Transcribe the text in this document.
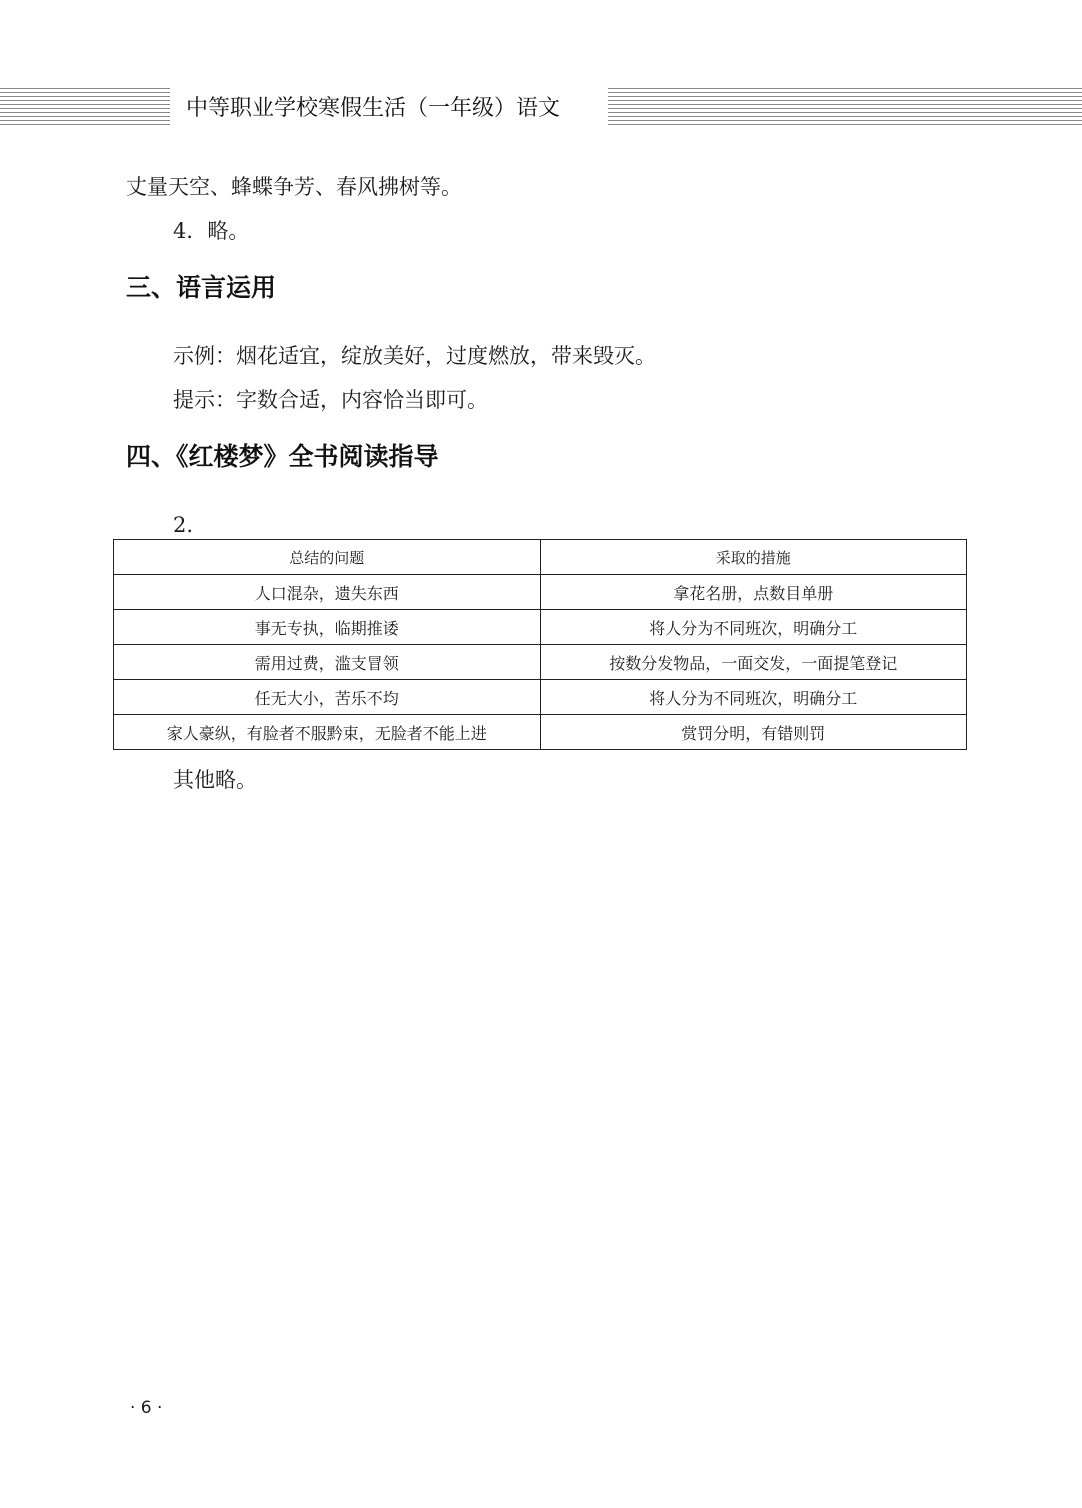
中等职业学校寒假生活（一年级）语文
丈量天空、蜂蝶争芳、春风拂树等。
4．略。
三、语言运用
示例：烟花适宜，绽放美好，过度燃放，带来毁灭。
提示：字数合适，内容恰当即可。
四、《红楼梦》全书阅读指导
2.
总结的问题	采取的措施
人口混杂，遗失东西	拿花名册，点数目单册
事无专执，临期推诿	将人分为不同班次，明确分工
需用过费，滥支冒领	按数分发物品，一面交发，一面提笔登记
任无大小，苦乐不均	将人分为不同班次，明确分工
家人豪纵，有脸者不服黔束，无脸者不能上进	赏罚分明，有错则罚
其他略。
· 6 ·
